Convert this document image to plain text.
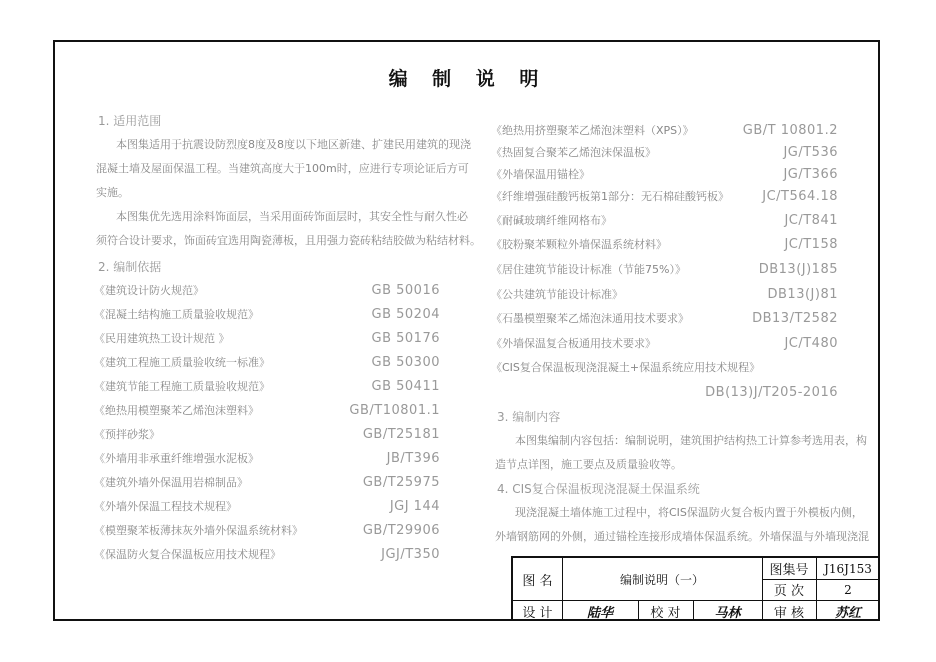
编 制 说 明
1. 适用范围
本图集适用于抗震设防烈度8度及8度以下地区新建、扩建民用建筑的现浇
混凝土墙及屋面保温工程。当建筑高度大于100m时，应进行专项论证后方可
实施。
本图集优先选用涂料饰面层，当采用面砖饰面层时，其安全性与耐久性必
须符合设计要求，饰面砖宜选用陶瓷薄板，且用强力瓷砖粘结胶做为粘结材料。
2. 编制依据
《建筑设计防火规范》	GB 50016
《混凝土结构施工质量验收规范》	GB 50204
《民用建筑热工设计规范 》	GB 50176
《建筑工程施工质量验收统一标准》	GB 50300
《建筑节能工程施工质量验收规范》	GB 50411
《绝热用模塑聚苯乙烯泡沫塑料》	GB/T10801.1
《预拌砂浆》	GB/T25181
《外墙用非承重纤维增强水泥板》	JB/T396
《建筑外墙外保温用岩棉制品》	GB/T25975
《外墙外保温工程技术规程》	JGJ 144
《模塑聚苯板薄抹灰外墙外保温系统材料》	GB/T29906
《保温防火复合保温板应用技术规程》	JGJ/T350
《绝热用挤塑聚苯乙烯泡沫塑料（XPS）》	GB/T 10801.2
《热固复合聚苯乙烯泡沫保温板》	JG/T536
《外墙保温用锚栓》	JG/T366
《纤维增强硅酸钙板第1部分：无石棉硅酸钙板》	JC/T564.18
《耐碱玻璃纤维网格布》	JC/T841
《胶粉聚苯颗粒外墙保温系统材料》	JC/T158
《居住建筑节能设计标准（节能75%）》	DB13(J)185
《公共建筑节能设计标准》	DB13(J)81
《石墨模塑聚苯乙烯泡沫通用技术要求》	DB13/T2582
《外墙保温复合板通用技术要求》	JC/T480
《CIS复合保温板现浇混凝土+保温系统应用技术规程》
DB(13)J/T205-2016
3. 编制内容
本图集编制内容包括：编制说明，建筑围护结构热工计算参考选用表，构
造节点详图，施工要点及质量验收等。
4. CIS复合保温板现浇混凝土保温系统
现浇混凝土墙体施工过程中，将CIS保温防火复合板内置于外模板内侧，
外墙钢筋网的外侧，通过锚栓连接形成墙体保温系统。外墙保温与外墙现浇混
图 名	编制说明（一）
图集号	J16J153
页 次	2
设 计	陆华	校 对	马林	审 核	苏红
